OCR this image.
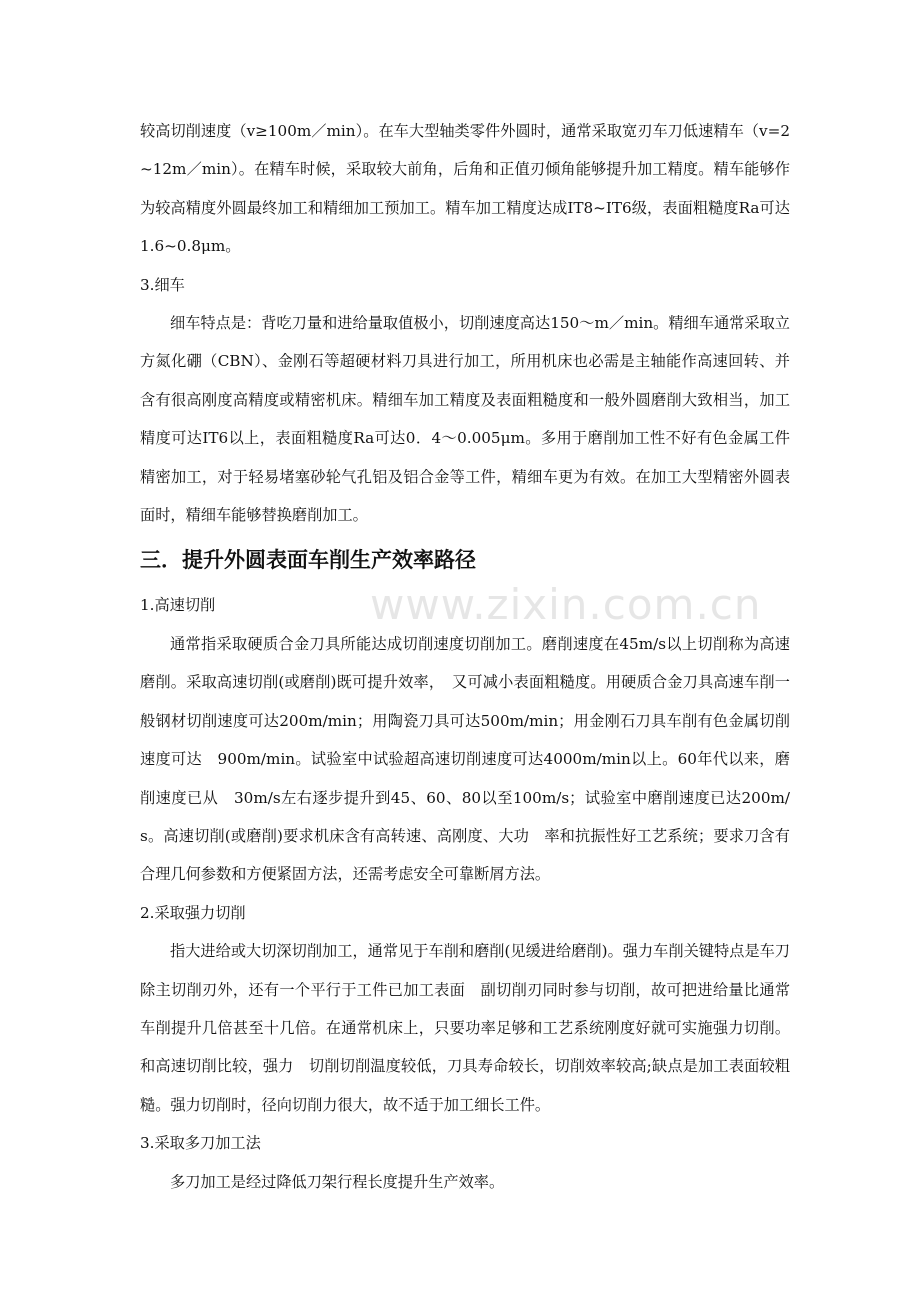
www.zixin.com.cn

较高切削速度（v≥100m／min）。在车大型轴类零件外圆时，通常采取宽刃车刀低速精车（v=2~12m／min）。在精车时候，采取较大前角，后角和正值刃倾角能够提升加工精度。精车能够作为较高精度外圆最终加工和精细加工预加工。精车加工精度达成IT8~IT6级，表面粗糙度Ra可达1.6~0.8μm。

3.细车

细车特点是：背吃刀量和进给量取值极小，切削速度高达150～m／min。精细车通常采取立方氮化硼（CBN）、金刚石等超硬材料刀具进行加工，所用机床也必需是主轴能作高速回转、并含有很高刚度高精度或精密机床。精细车加工精度及表面粗糙度和一般外圆磨削大致相当，加工精度可达IT6以上，表面粗糙度Ra可达0．4～0.005μm。多用于磨削加工性不好有色金属工件精密加工，对于轻易堵塞砂轮气孔铝及铝合金等工件，精细车更为有效。在加工大型精密外圆表面时，精细车能够替换磨削加工。

三．提升外圆表面车削生产效率路径

1.高速切削

通常指采取硬质合金刀具所能达成切削速度切削加工。磨削速度在45m/s以上切削称为高速磨削。采取高速切削(或磨削)既可提升效率，　又可减小表面粗糙度。用硬质合金刀具高速车削一般钢材切削速度可达200m/min；用陶瓷刀具可达500m/min；用金刚石刀具车削有色金属切削　速度可达　900m/min。试验室中试验超高速切削速度可达4000m/min以上。60年代以来，磨削速度已从　30m/s左右逐步提升到45、60、80以至100m/s；试验室中磨削速度已达200m/s。高速切削(或磨削)要求机床含有高转速、高刚度、大功　率和抗振性好工艺系统；要求刀含有合理几何参数和方便紧固方法，还需考虑安全可靠断屑方法。

2.采取强力切削

指大进给或大切深切削加工，通常见于车削和磨削(见缓进给磨削)。强力车削关键特点是车刀除主切削刃外，还有一个平行于工件已加工表面　副切削刃同时参与切削，故可把进给量比通常车削提升几倍甚至十几倍。在通常机床上，只要功率足够和工艺系统刚度好就可实施强力切削。和高速切削比较，强力　切削切削温度较低，刀具寿命较长，切削效率较高;缺点是加工表面较粗糙。强力切削时，径向切削力很大，故不适于加工细长工件。

3.采取多刀加工法

多刀加工是经过降低刀架行程长度提升生产效率。
